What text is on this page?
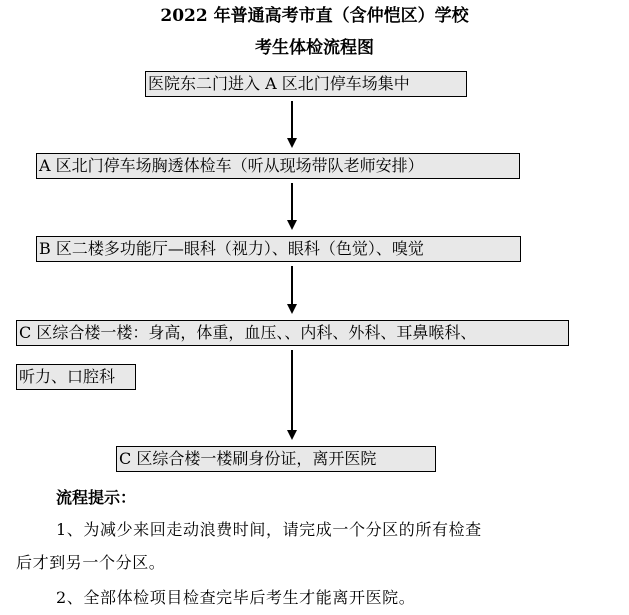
2022 年普通高考市直（含仲恺区）学校
考生体检流程图
医院东二门进入 A 区北门停车场集中
A 区北门停车场胸透体检车（听从现场带队老师安排）
B 区二楼多功能厅—眼科（视力）、眼科（色觉）、嗅觉
C 区综合楼一楼：身高，体重，血压、、内科、外科、耳鼻喉科、
听力、口腔科
C 区综合楼一楼刷身份证，离开医院
流程提示：
1、为减少来回走动浪费时间，请完成一个分区的所有检查
后才到另一个分区。
2、全部体检项目检查完毕后考生才能离开医院。
